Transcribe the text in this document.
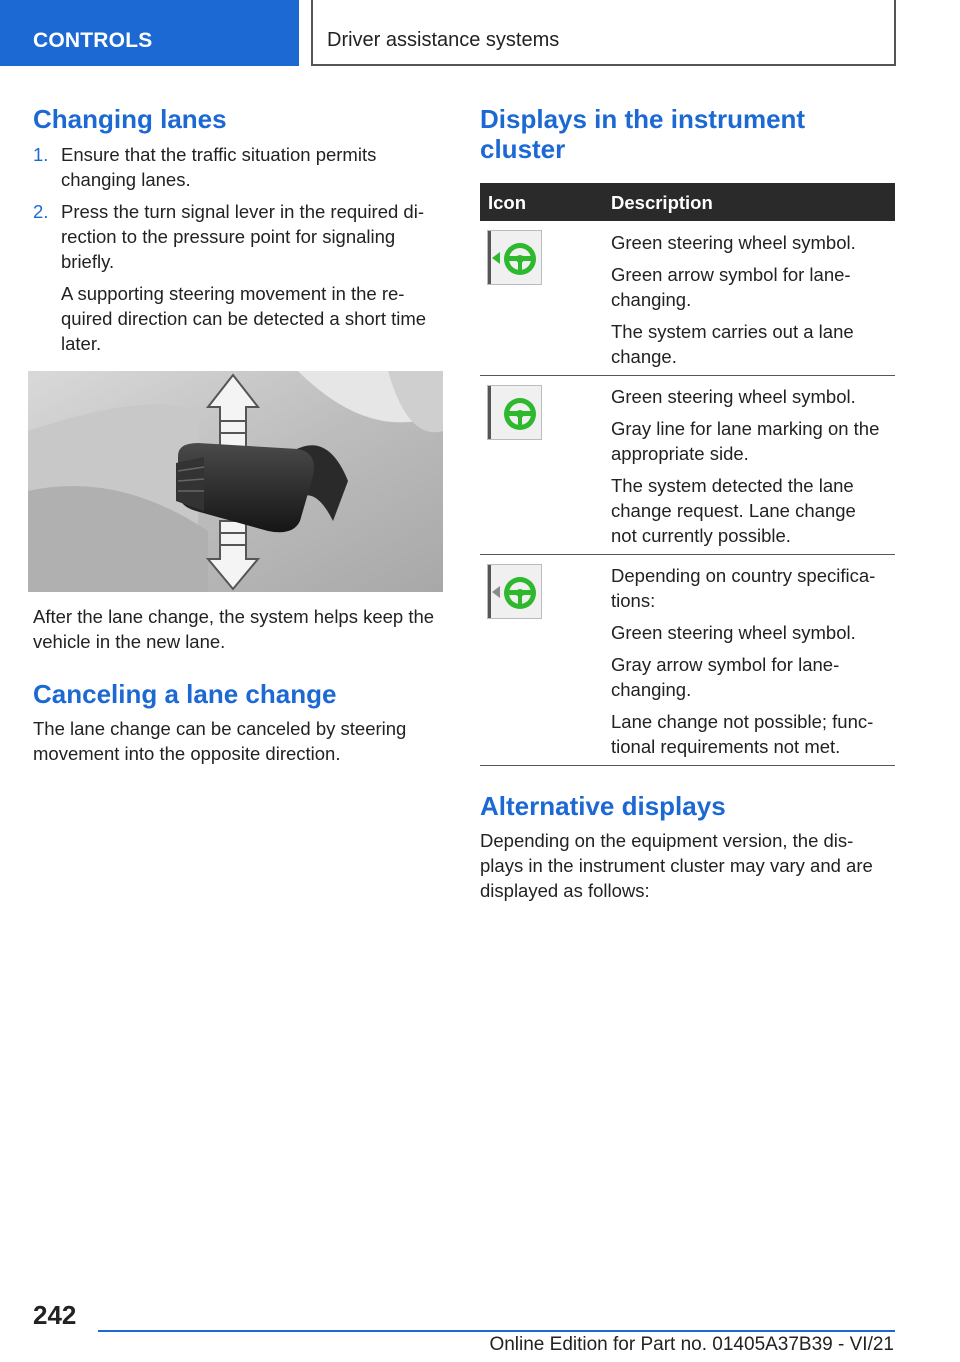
CONTROLS	Driver assistance systems
Changing lanes
1. Ensure that the traffic situation permits
changing lanes.
2. Press the turn signal lever in the required di‐
rection to the pressure point for signaling
briefly.
A supporting steering movement in the re‐
quired direction can be detected a short time
later.
After the lane change, the system helps keep the
vehicle in the new lane.
Canceling a lane change
The lane change can be canceled by steering
movement into the opposite direction.
Displays in the instrument
cluster
Icon	Description

Green steering wheel symbol.

Green arrow symbol for lane‐
changing.

The system carries out a lane
change.

Green steering wheel symbol.

Gray line for lane marking on the
appropriate side.

The system detected the lane
change request. Lane change
not currently possible.

Depending on country specifica‐
tions:

Green steering wheel symbol.

Gray arrow symbol for lane‐
changing.

Lane change not possible; func‐
tional requirements not met.

Alternative displays
Depending on the equipment version, the dis‐
plays in the instrument cluster may vary and are
displayed as follows:
242
Online Edition for Part no. 01405A37B39 - VI/21
